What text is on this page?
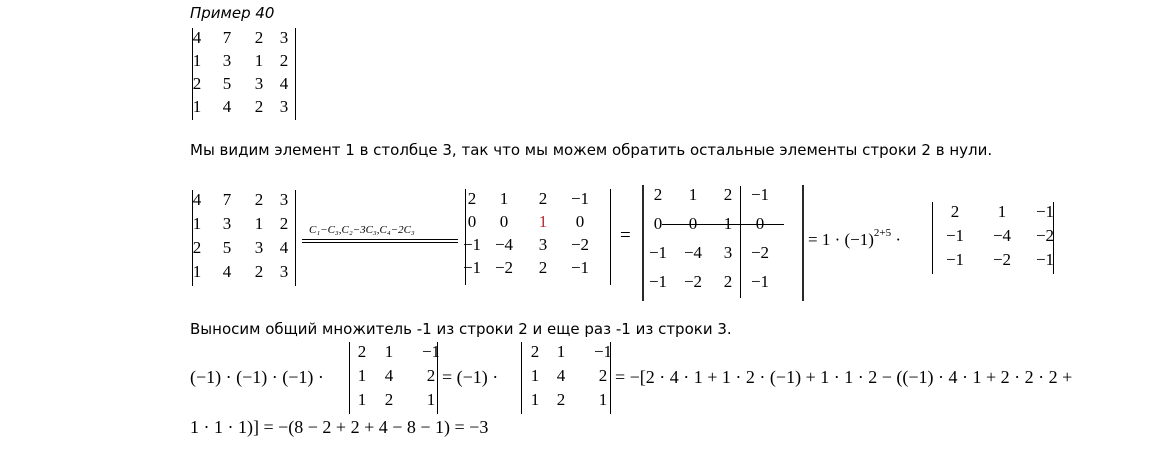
Пример 40
4 7 2 3
1 3 1 2
2 5 3 4
1 4 2 3
Мы видим элемент 1 в столбце 3, так что мы можем обратить остальные элементы строки 2 в нули.
4 7 2 3
1 3 1 2
2 5 3 4
1 4 2 3
C₁−C₃,C₂−3C₃,C₄−2C₃
2 1 2 −1
0 0 1 0
−1 −4 3 −2
−1 −2 2 −1
=
2 1 2 −1
0
−1 −4 3 −2
−1 −2 2 −1
= $1 \cdot (-1)^{2+5}$ ·
2 1 −1
−1 −4 −2
−1 −2 −1
Выносим общий множитель -1 из строки 2 и еще раз -1 из строки 3.
(−1) · (−1) · (−1) ·
2 1 −1
1 4 2
1 2 1
= (−1) ·
2 1 −1
1 4 2
1 2 1
= −[2 · 4 · 1 + 1 · 2 · (−1) + 1 · 1 · 2 − ((−1) · 4 · 1 + 2 · 2 · 2 +
1 · 1 · 1)] = −(8 − 2 + 2 + 4 − 8 − 1) = −3
